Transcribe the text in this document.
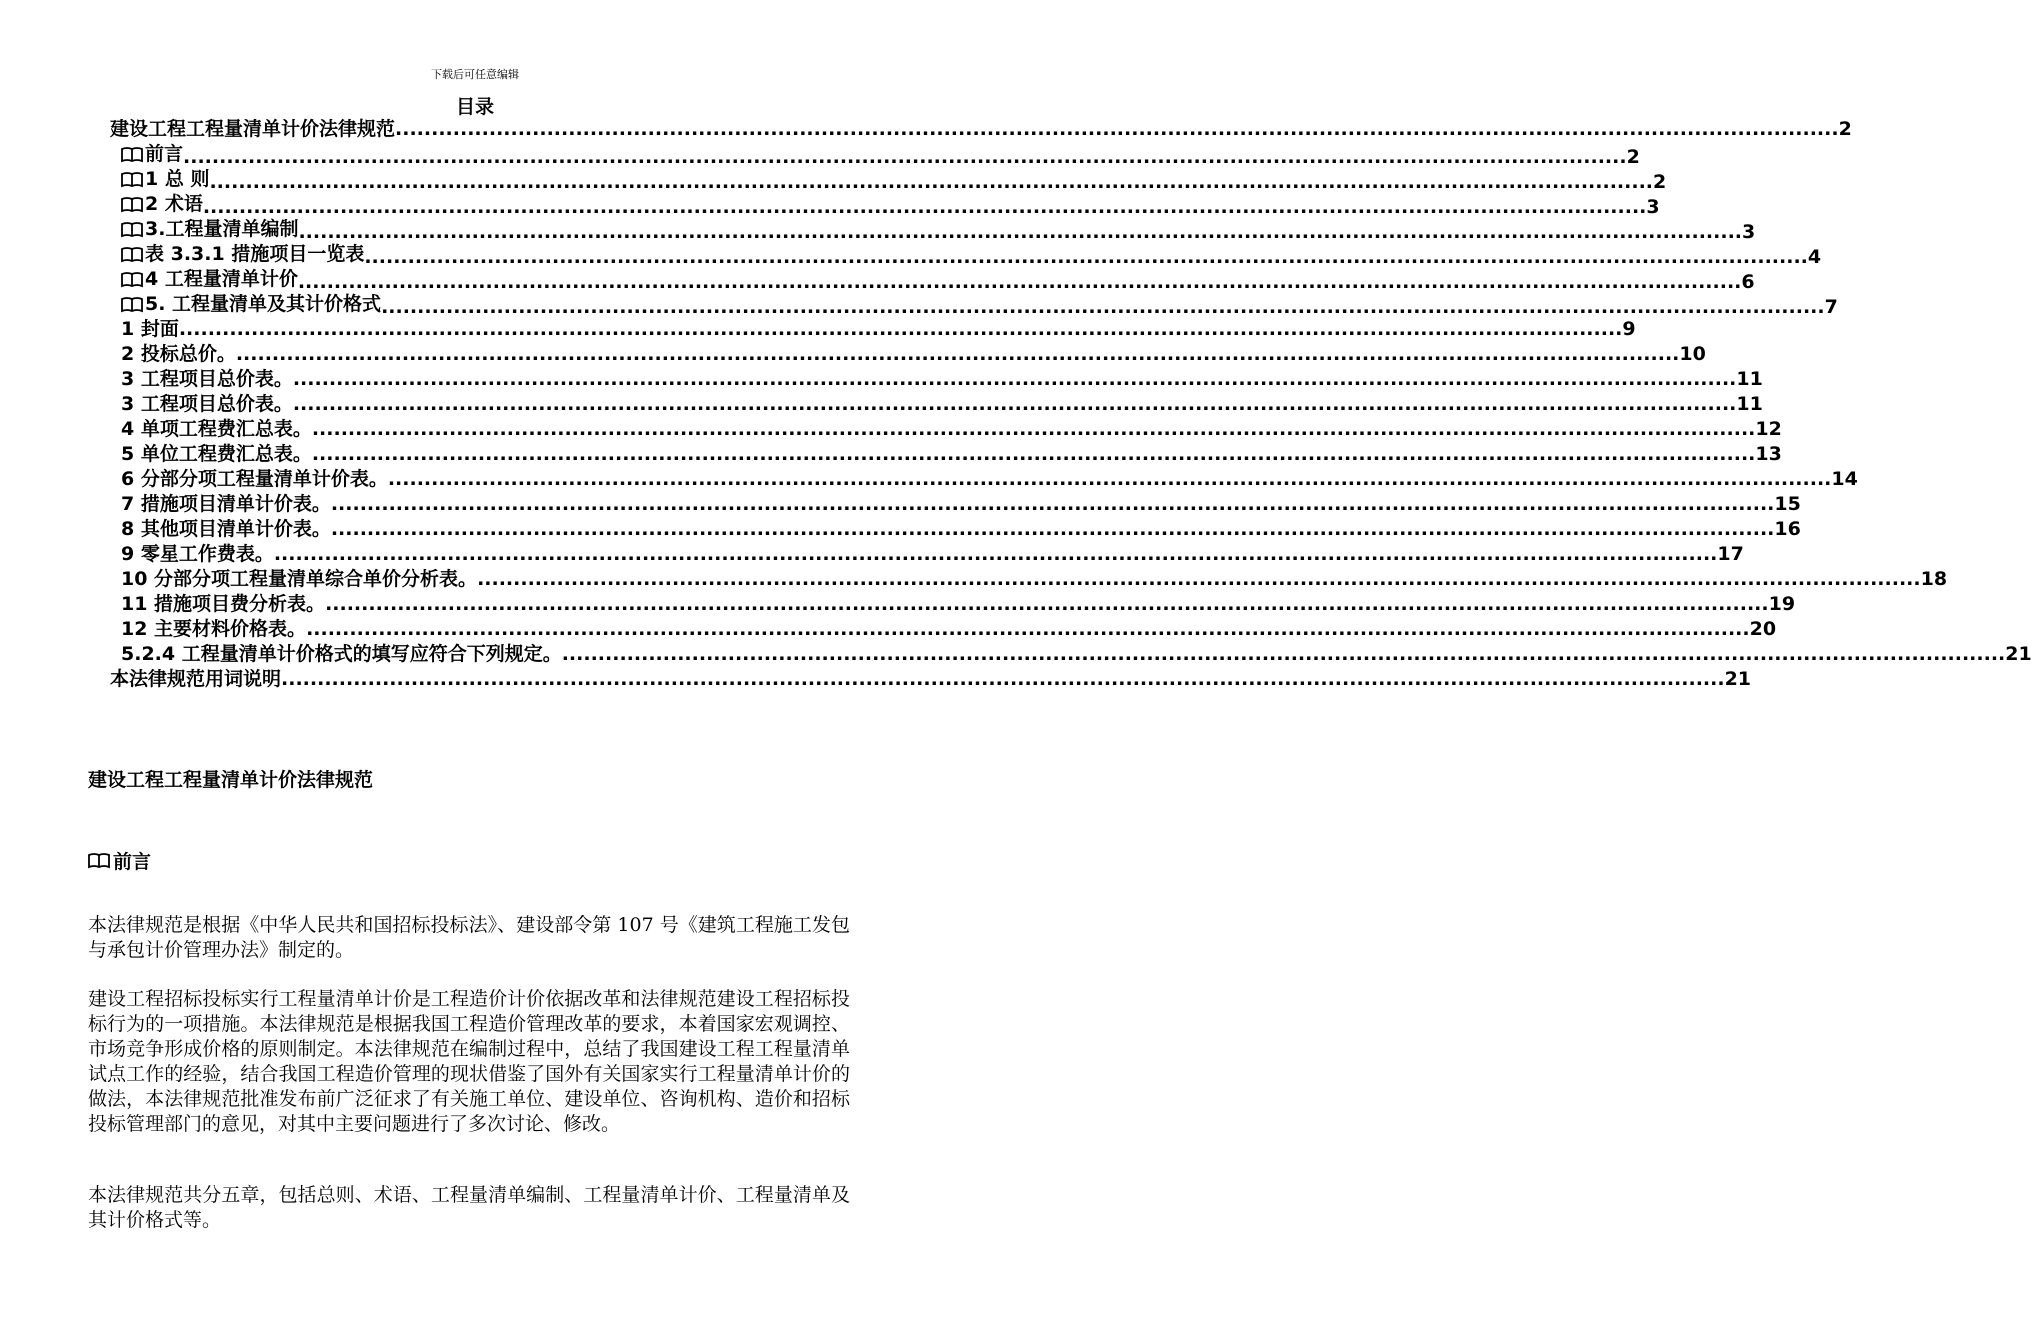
下载后可任意编辑
目录
建设工程工程量清单计价法律规范 ........................................................................................................................................................................................................ 2
前言 ........................................................................................................................................................................................................ 2
1 总 则 ........................................................................................................................................................................................................ 2
2 术语 ........................................................................................................................................................................................................ 3
3.工程量清单编制 ........................................................................................................................................................................................................ 3
表 3.3.1 措施项目一览表 ........................................................................................................................................................................................................ 4
4 工程量清单计价 ........................................................................................................................................................................................................ 6
5. 工程量清单及其计价格式 ........................................................................................................................................................................................................ 7
1 封面 ........................................................................................................................................................................................................ 9
2 投标总价。 ........................................................................................................................................................................................................ 10
3 工程项目总价表。 ........................................................................................................................................................................................................ 11
3 工程项目总价表。 ........................................................................................................................................................................................................ 11
4 单项工程费汇总表。 ........................................................................................................................................................................................................ 12
5 单位工程费汇总表。 ........................................................................................................................................................................................................ 13
6 分部分项工程量清单计价表。 ........................................................................................................................................................................................................ 14
7 措施项目清单计价表。 ........................................................................................................................................................................................................ 15
8 其他项目清单计价表。 ........................................................................................................................................................................................................ 16
9 零星工作费表。 ........................................................................................................................................................................................................ 17
10 分部分项工程量清单综合单价分析表。 ........................................................................................................................................................................................................ 18
11 措施项目费分析表。 ........................................................................................................................................................................................................ 19
12 主要材料价格表。 ........................................................................................................................................................................................................ 20
5.2.4 工程量清单计价格式的填写应符合下列规定。 ........................................................................................................................................................................................................ 21
本法律规范用词说明 ........................................................................................................................................................................................................ 21
建设工程工程量清单计价法律规范
前言
本法律规范是根据《中华人民共和国招标投标法》、建设部令第 107 号《建筑工程施工发包与承包计价管理办法》制定的。
建设工程招标投标实行工程量清单计价是工程造价计价依据改革和法律规范建设工程招标投标行为的一项措施。本法律规范是根据我国工程造价管理改革的要求，本着国家宏观调控、市场竞争形成价格的原则制定。本法律规范在编制过程中，总结了我国建设工程工程量清单试点工作的经验，结合我国工程造价管理的现状借鉴了国外有关国家实行工程量清单计价的做法，本法律规范批准发布前广泛征求了有关施工单位、建设单位、咨询机构、造价和招标投标管理部门的意见，对其中主要问题进行了多次讨论、修改。
本法律规范共分五章，包括总则、术语、工程量清单编制、工程量清单计价、工程量清单及其计价格式等。
